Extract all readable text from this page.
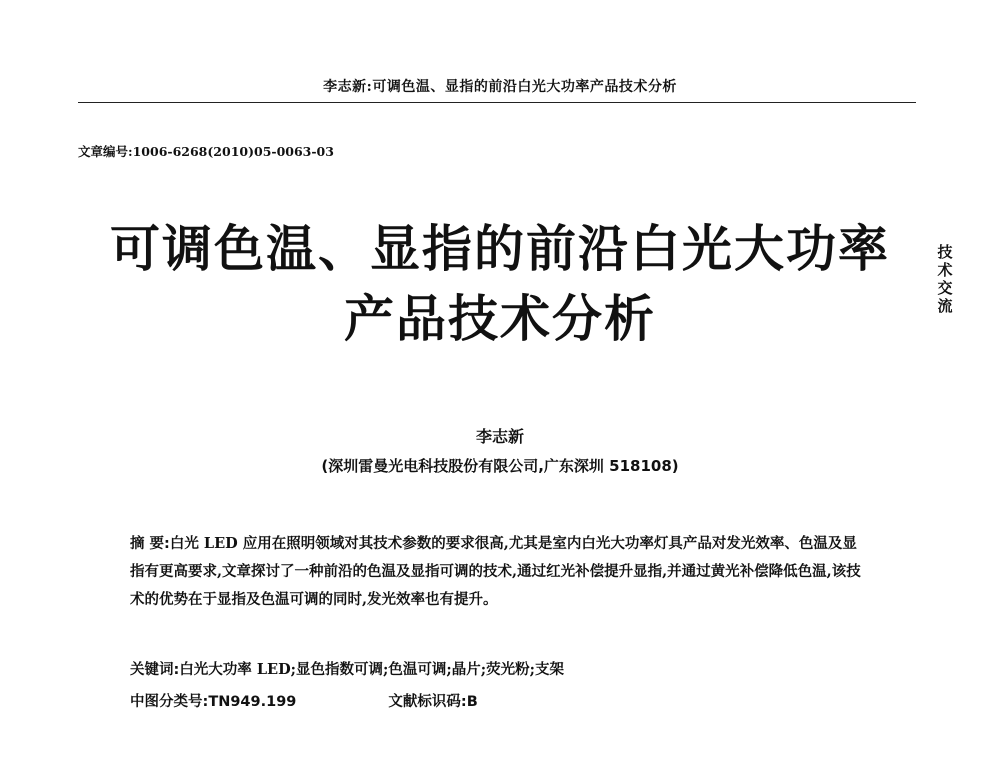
李志新:可调色温、显指的前沿白光大功率产品技术分析
文章编号:1006-6268(2010)05-0063-03
可调色温、显指的前沿白光大功率
产品技术分析
技
术
交
流
李志新
(深圳雷曼光电科技股份有限公司,广东深圳 518108)
摘 要:白光 LED 应用在照明领域对其技术参数的要求很高,尤其是室内白光大功率灯具产品对发光效率、色温及显指有更高要求,文章探讨了一种前沿的色温及显指可调的技术,通过红光补偿提升显指,并通过黄光补偿降低色温,该技术的优势在于显指及色温可调的同时,发光效率也有提升。
关键词:白光大功率 LED;显色指数可调;色温可调;晶片;荧光粉;支架
中图分类号:TN949.199	文献标识码:B
